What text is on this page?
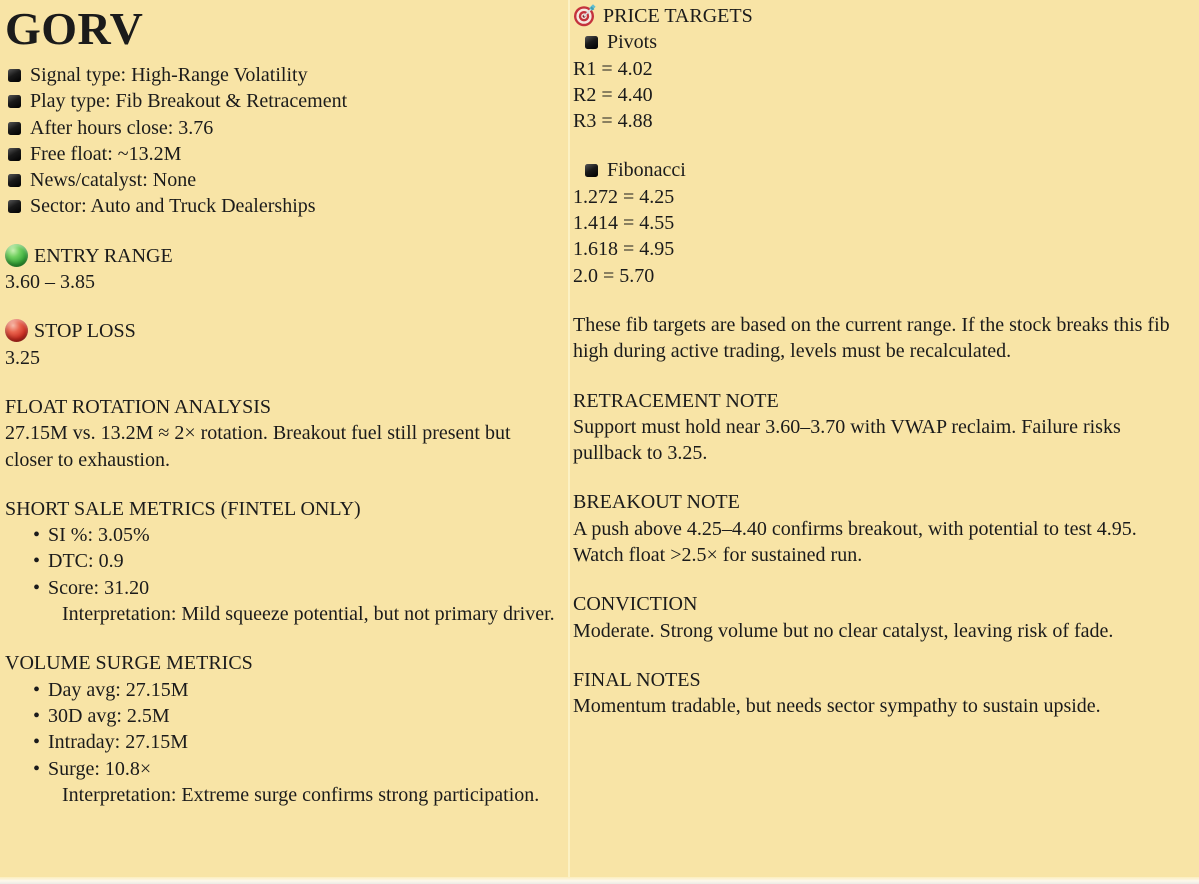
GORV
Signal type: High-Range Volatility
Play type: Fib Breakout & Retracement
After hours close: 3.76
Free float: ~13.2M
News/catalyst: None
Sector: Auto and Truck Dealerships
ENTRY RANGE
3.60 – 3.85
STOP LOSS
3.25
FLOAT ROTATION ANALYSIS
27.15M vs. 13.2M ≈ 2× rotation. Breakout fuel still present but closer to exhaustion.
SHORT SALE METRICS (FINTEL ONLY)
• SI %: 3.05%
• DTC: 0.9
• Score: 31.20
Interpretation: Mild squeeze potential, but not primary driver.
VOLUME SURGE METRICS
• Day avg: 27.15M
• 30D avg: 2.5M
• Intraday: 27.15M
• Surge: 10.8×
Interpretation: Extreme surge confirms strong participation.
PRICE TARGETS
Pivots
R1 = 4.02
R2 = 4.40
R3 = 4.88
Fibonacci
1.272 = 4.25
1.414 = 4.55
1.618 = 4.95
2.0 = 5.70
These fib targets are based on the current range. If the stock breaks this fib high during active trading, levels must be recalculated.
RETRACEMENT NOTE
Support must hold near 3.60–3.70 with VWAP reclaim. Failure risks pullback to 3.25.
BREAKOUT NOTE
A push above 4.25–4.40 confirms breakout, with potential to test 4.95. Watch float >2.5× for sustained run.
CONVICTION
Moderate. Strong volume but no clear catalyst, leaving risk of fade.
FINAL NOTES
Momentum tradable, but needs sector sympathy to sustain upside.
